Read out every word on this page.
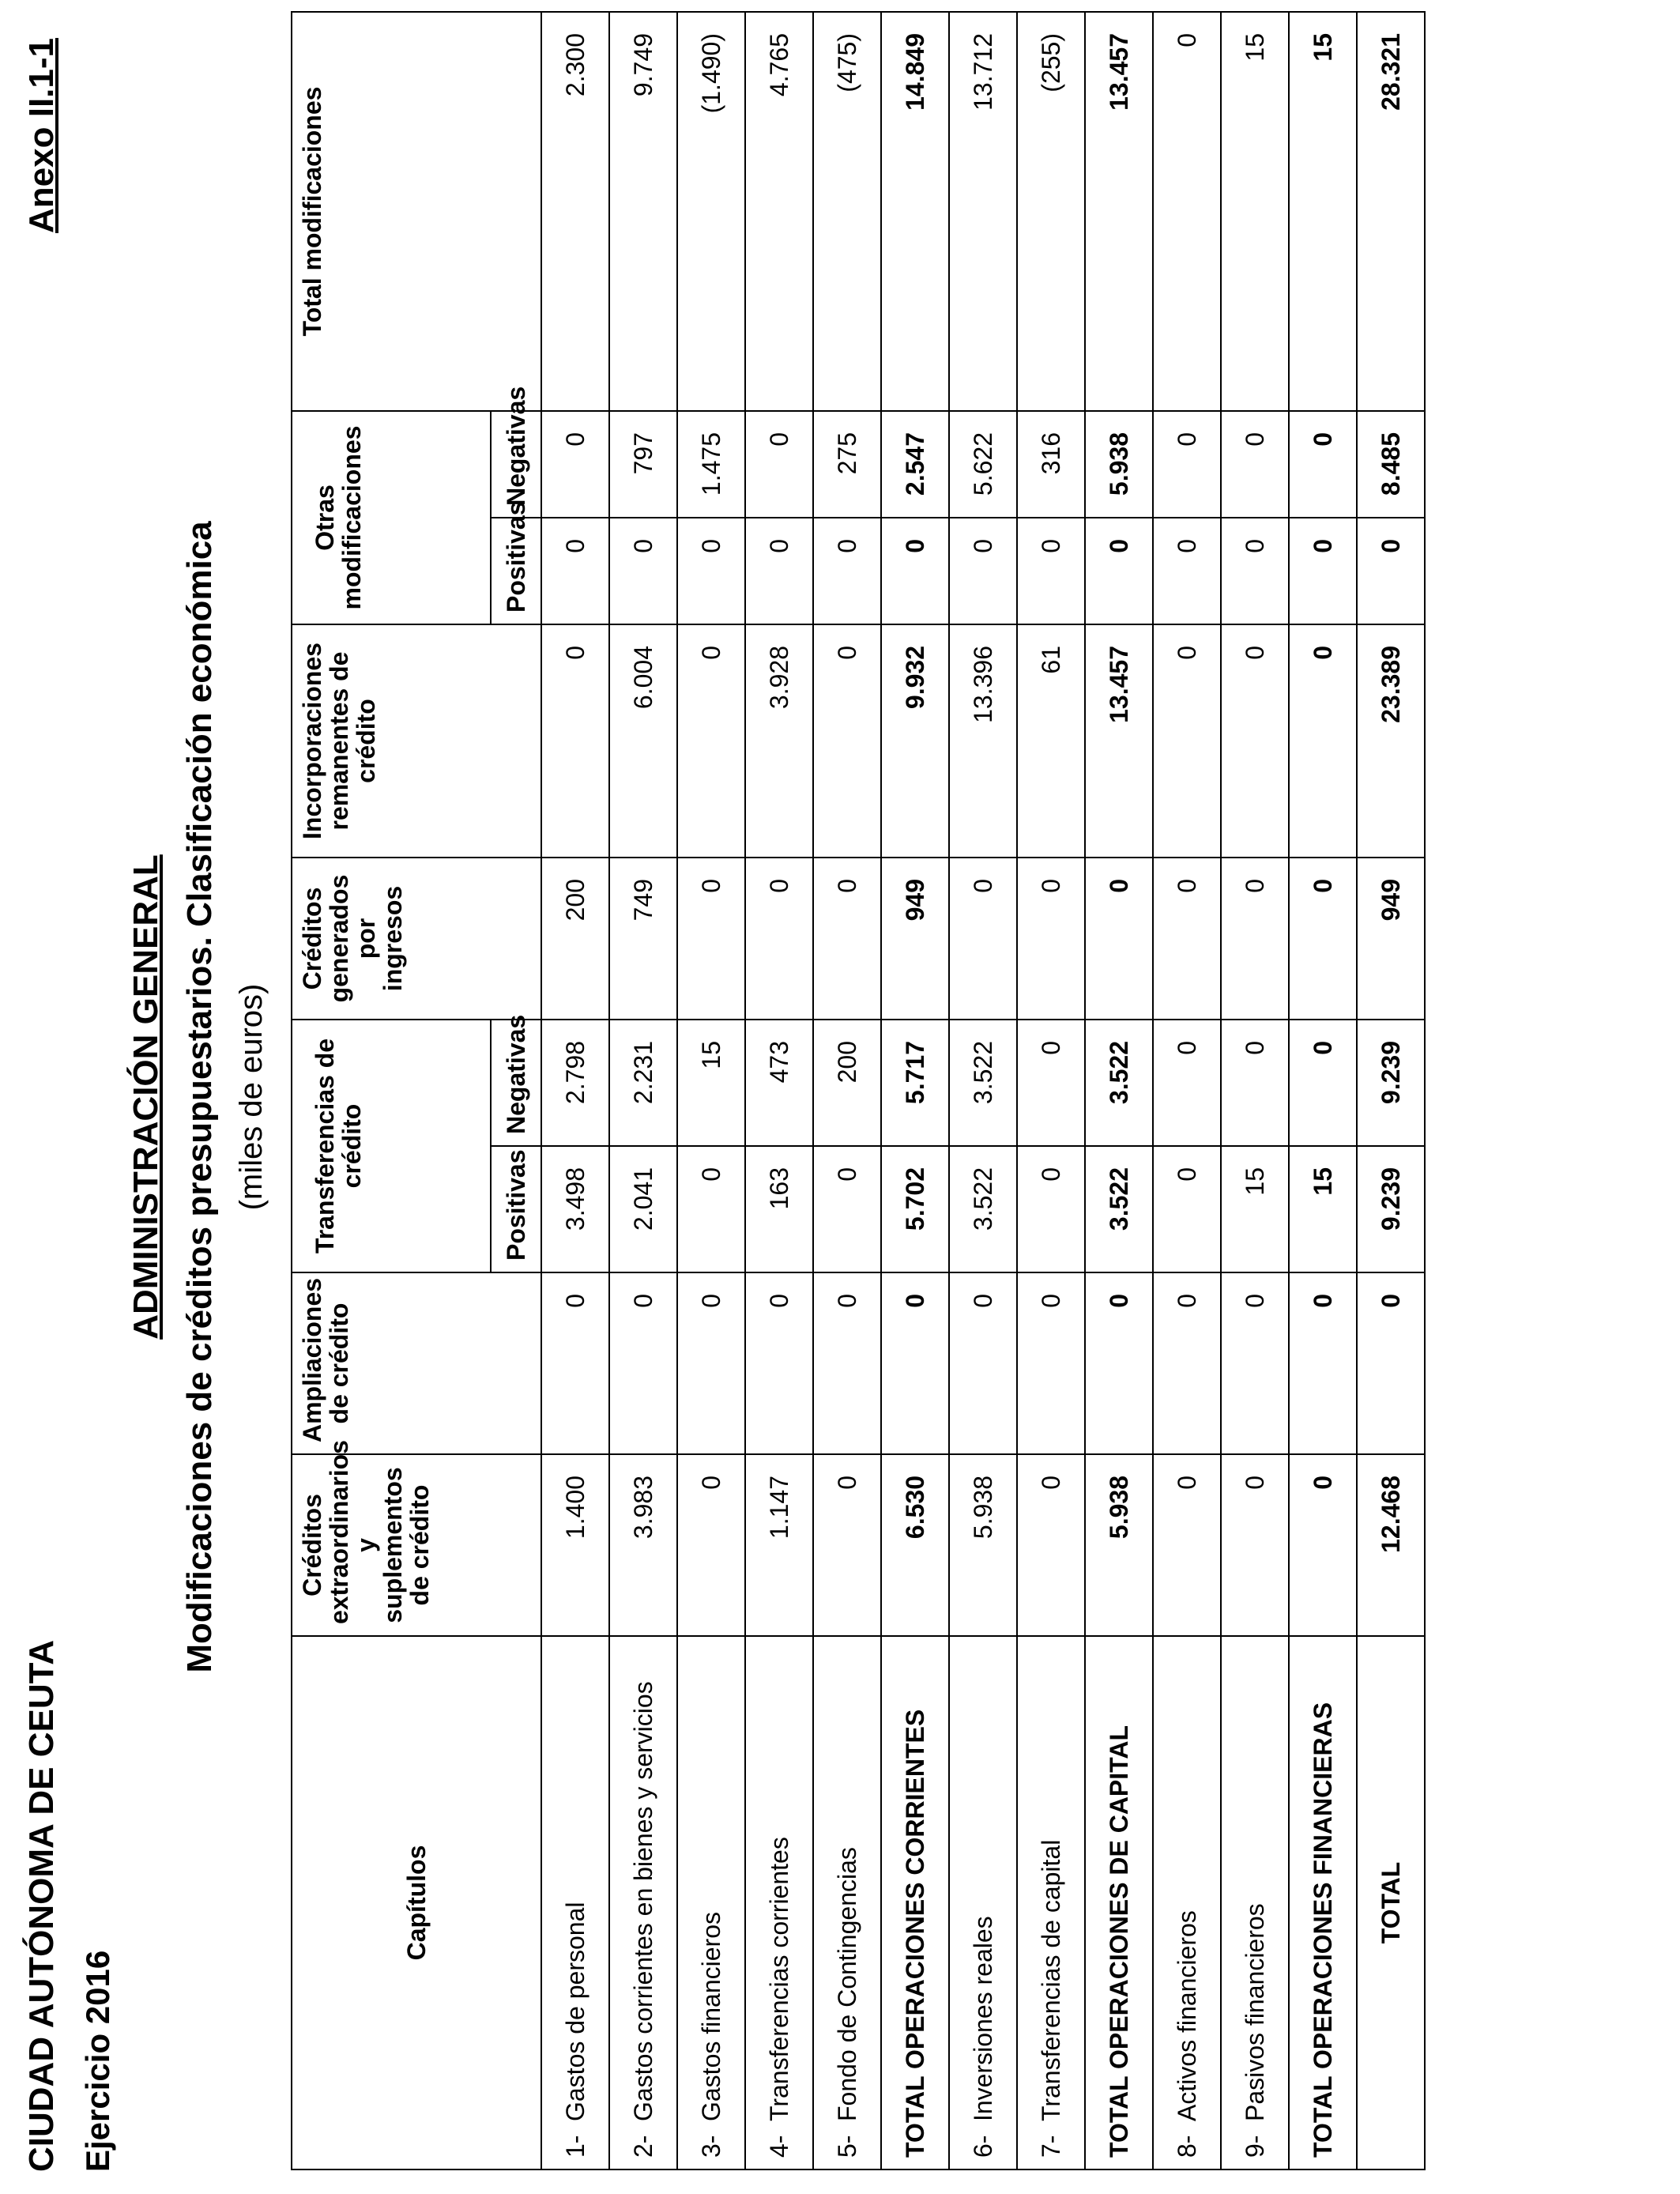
CIUDAD AUTÓNOMA DE CEUTA Ejercicio 2016
Anexo II.1-1
ADMINISTRACIÓN GENERAL Modificaciones de créditos presupuestarios. Clasificación económica (miles de euros)
Capítulos	Créditos extraordinarios y suplementos de crédito	Ampliaciones de crédito	Transferencias de crédito		Créditos generados por ingresos	Incorporaciones remanentes de crédito	Otras modificaciones		Total modificaciones
			Positivas	Negativas			Positivas	Negativas	
1-Gastos de personal	1.400	0	3.498	2.798	200	0	0	0	2.300
2-Gastos corrientes en bienes y servicios	3.983	0	2.041	2.231	749	6.004	0	797	9.749
3-Gastos financieros	0	0	0	15	0	0	0	1.475	(1.490)
4-Transferencias corrientes	1.147	0	163	473	0	3.928	0	0	4.765
5-Fondo de Contingencias	0	0	0	200	0	0	0	275	(475)
TOTAL OPERACIONES CORRIENTES	6.530	0	5.702	5.717	949	9.932	0	2.547	14.849
6-Inversiones reales	5.938	0	3.522	3.522	0	13.396	0	5.622	13.712
7-Transferencias de capital	0	0	0	0	0	61	0	316	(255)
TOTAL OPERACIONES DE CAPITAL	5.938	0	3.522	3.522	0	13.457	0	5.938	13.457
8-Activos financieros	0	0	0	0	0	0	0	0	0
9-Pasivos financieros	0	0	15	0	0	0	0	0	15
TOTAL OPERACIONES FINANCIERAS	0	0	15	0	0	0	0	0	15
TOTAL	12.468	0	9.239	9.239	949	23.389	0	8.485	28.321
